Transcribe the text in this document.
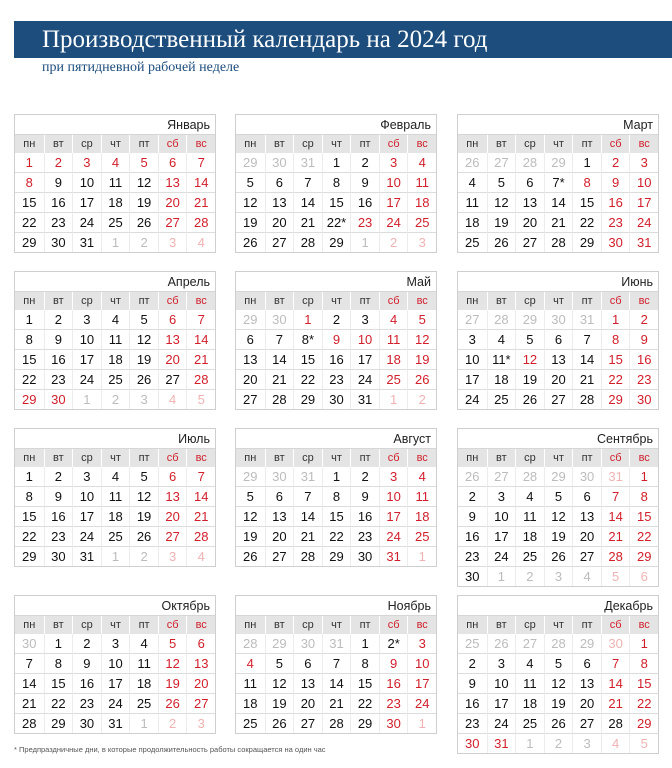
Производственный календарь на 2024 год
при пятидневной рабочей неделе
Январь
пн	вт	ср	чт	пт	сб	вс
1	2	3	4	5	6	7
8	9	10	11	12	13	14
15	16	17	18	19	20	21
22	23	24	25	26	27	28
29	30	31	1	2	3	4
Февраль
пн	вт	ср	чт	пт	сб	вс
29	30	31	1	2	3	4
5	6	7	8	9	10	11
12	13	14	15	16	17	18
19	20	21 22* 23	24	25
26	27	28	29	1	2	3
Март
пн	вт	ср	чт	пт	сб	вс
26	27	28	29	1	2	3
4	5	6	7*	8	9	10
11	12	13	14	15	16	17
18	19	20	21	22	23	24
25	26	27	28	29	30	31
Апрель
пн	вт	ср	чт	пт	сб	вс
1	2	3	4	5	6	7
8	9	10	11	12	13	14
15	16	17	18	19	20	21
22	23	24	25	26	27	28
29	30	1	2	3	4	5
Май
пн	вт	ср	чт	пт	сб	вс
29	30	1	2	3	4	5
6	7	8*	9	10	11	12
13	14	15	16	17	18	19
20	21	22	23	24	25	26
27	28	29	30	31	1	2
Июнь
пн	вт	ср	чт	пт	сб	вс
27	28	29	30	31	1	2
3	4	5	6	7	8	9
10 11* 12	13	14	15	16
17	18	19	20	21	22	23
24	25	26	27	28	29	30
Июль
пн	вт	ср	чт	пт	сб	вс
1	2	3	4	5	6	7
8	9	10	11	12	13	14
15	16	17	18	19	20	21
22	23	24	25	26	27	28
29	30	31	1	2	3	4
Август
пн	вт	ср	чт	пт	сб	вс
29	30	31	1	2	3	4
5	6	7	8	9	10	11
12	13	14	15	16	17	18
19	20	21	22	23	24	25
26	27	28	29	30	31	1
Сентябрь
пн	вт	ср	чт	пт	сб	вс
26	27	28	29	30	31	1
2	3	4	5	6	7	8
9	10	11	12	13	14	15
16	17	18	19	20	21	22
23	24	25	26	27	28	29
30	1	2	3	4	5	6
Октябрь
пн	вт	ср	чт	пт	сб	вс
30	1	2	3	4	5	6
7	8	9	10	11	12	13
14	15	16	17	18	19	20
21	22	23	24	25	26	27
28	29	30	31	1	2	3
Ноябрь
пн	вт	ср	чт	пт	сб	вс
28	29	30	31	1	2*	3
4	5	6	7	8	9	10
11	12	13	14	15	16	17
18	19	20	21	22	23	24
25	26	27	28	29	30	1
Декабрь
пн	вт	ср	чт	пт	сб	вс
25	26	27	28	29	30	1
2	3	4	5	6	7	8
9	10	11	12	13	14	15
16	17	18	19	20	21	22
23	24	25	26	27	28	29
30	31	1	2	3	4	5
* Предпраздничные дни, в которые продолжительность работы сокращается на один час
